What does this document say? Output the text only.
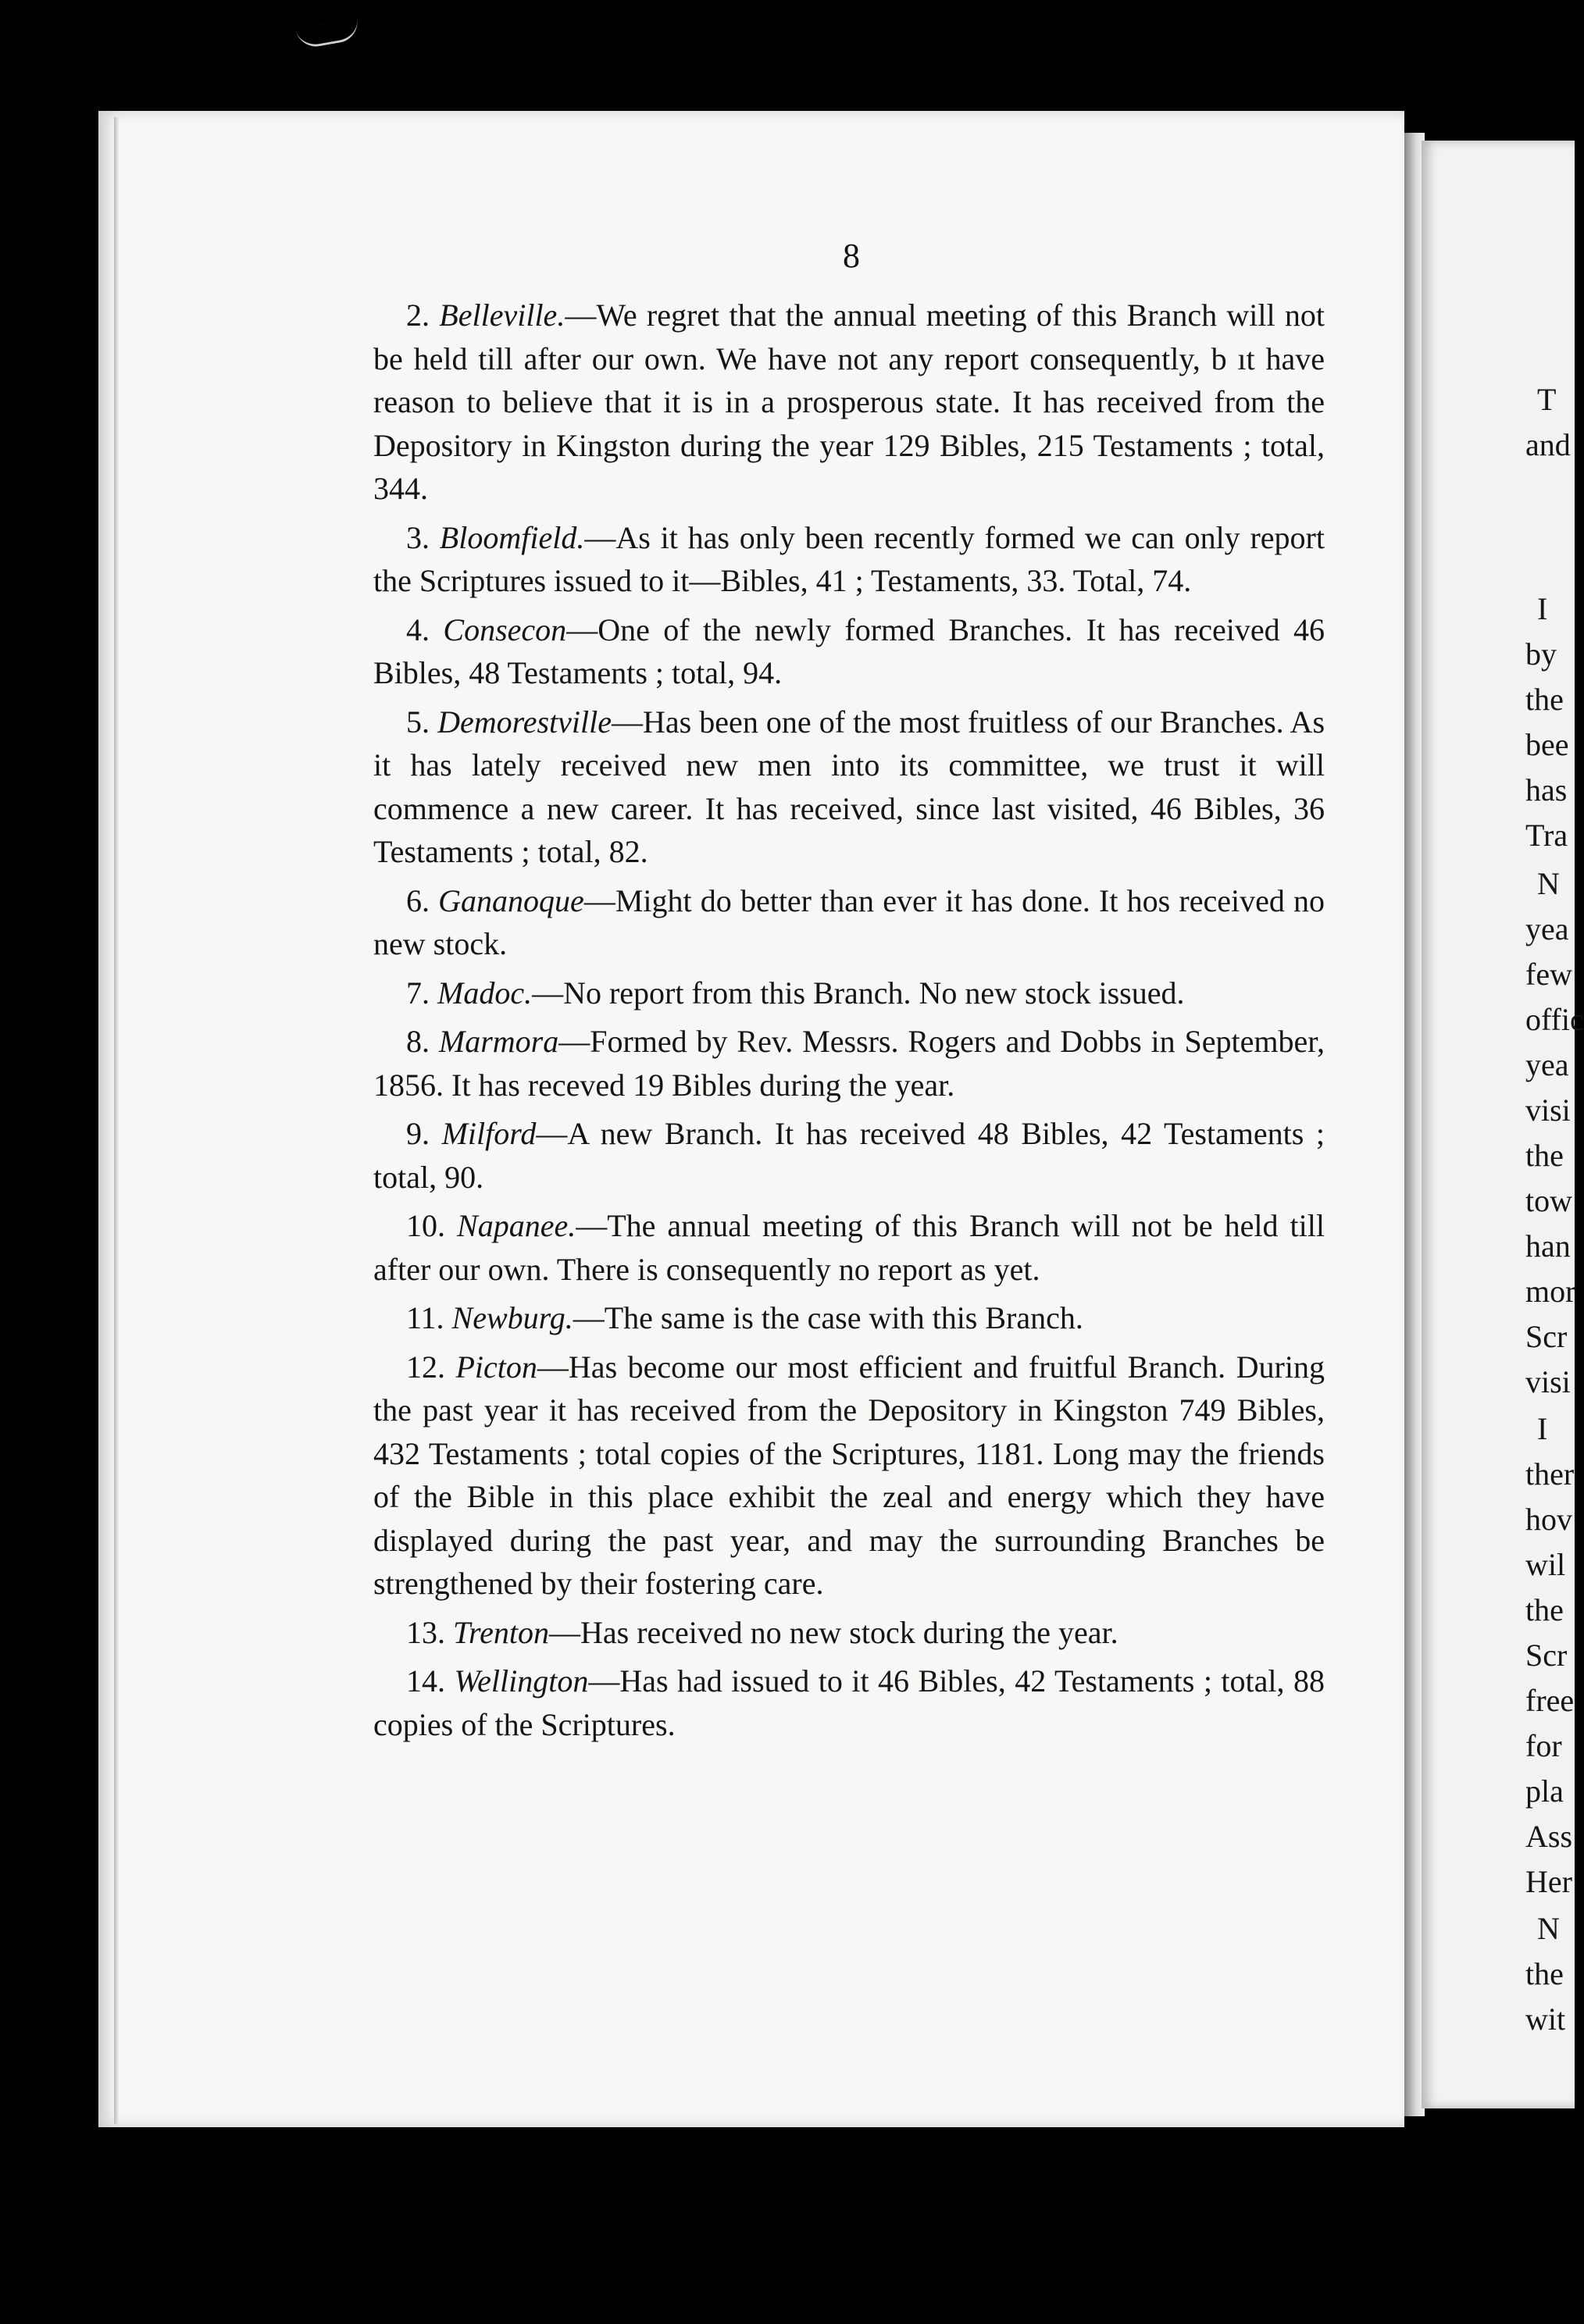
8

2. Belleville.—We regret that the annual meeting of this Branch will not be held till after our own. We have not any report consequently, b ıt have reason to believe that it is in a prosperous state. It has received from the Depository in Kingston during the year 129 Bibles, 215 Testaments ; total, 344.

3. Bloomfield.—As it has only been recently formed we can only report the Scriptures issued to it—Bibles, 41 ; Testaments, 33. Total, 74.

4. Consecon—One of the newly formed Branches. It has received 46 Bibles, 48 Testaments ; total, 94.

5. Demorestville—Has been one of the most fruitless of our Branches. As it has lately received new men into its committee, we trust it will commence a new career. It has received, since last visited, 46 Bibles, 36 Testaments ; total, 82.

6. Gananoque—Might do better than ever it has done. It hos received no new stock.

7. Madoc.—No report from this Branch. No new stock issued.

8. Marmora—Formed by Rev. Messrs. Rogers and Dobbs in September, 1856. It has receved 19 Bibles during the year.

9. Milford—A new Branch. It has received 48 Bibles, 42 Testaments ; total, 90.

10. Napanee.—The annual meeting of this Branch will not be held till after our own. There is consequently no report as yet.

11. Newburg.—The same is the case with this Branch.

12. Picton—Has become our most efficient and fruitful Branch. During the past year it has received from the Depository in Kingston 749 Bibles, 432 Testaments ; total copies of the Scriptures, 1181. Long may the friends of the Bible in this place exhibit the zeal and energy which they have displayed during the past year, and may the surrounding Branches be strengthened by their fostering care.

13. Trenton—Has received no new stock during the year.

14. Wellington—Has had issued to it 46 Bibles, 42 Testaments ; total, 88 copies of the Scriptures.

T
and
I
by
the
bee
has
Tra
N
yea
few
offic
yea
visi
the
tow
han
mor
Scr
visi
I
ther
hov
wil
the
Scr
free
for
pla
Ass
Her
N
the
wit
